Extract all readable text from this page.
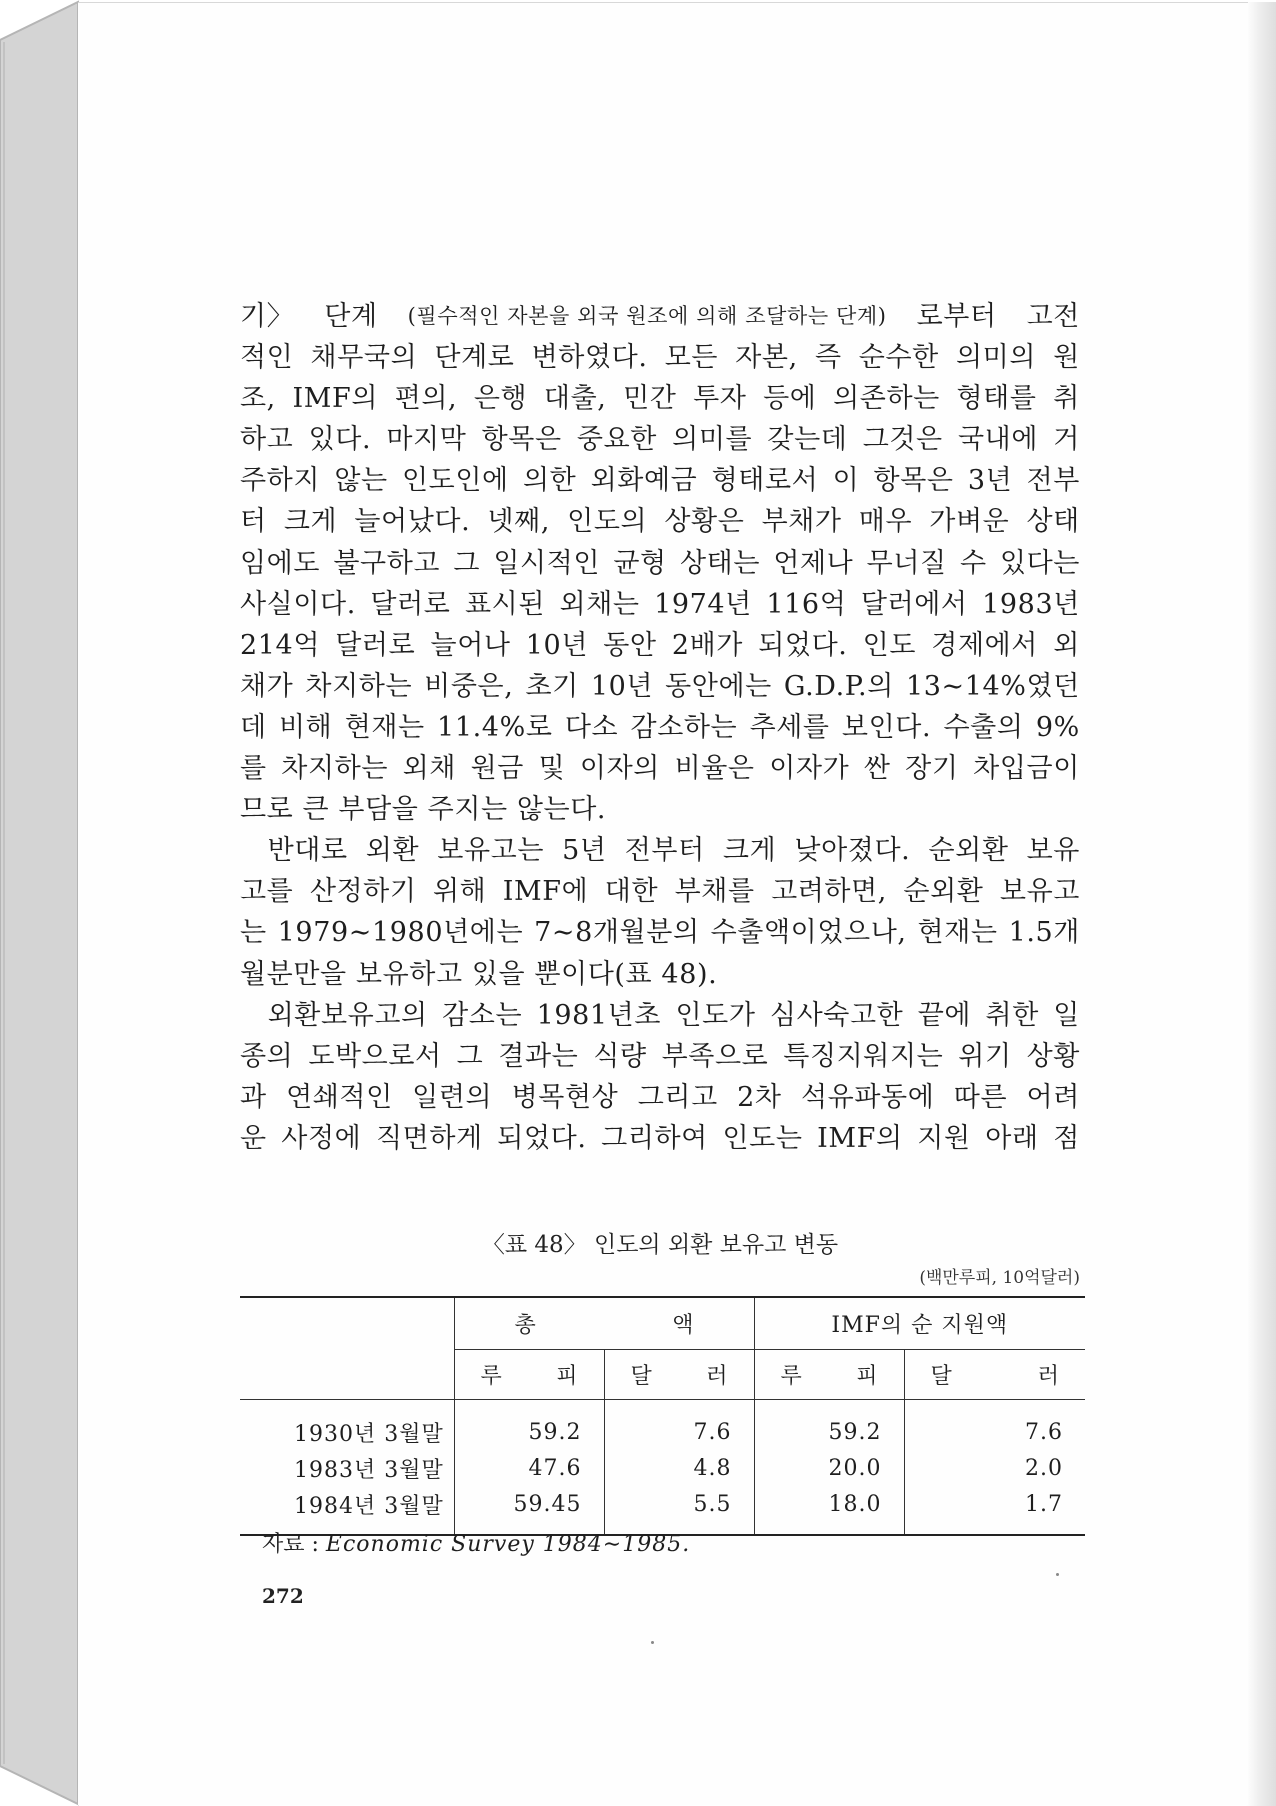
기〉 단계 (필수적인 자본을 외국 원조에 의해 조달하는 단계) 로부터 고전
적인 채무국의 단계로 변하였다. 모든 자본, 즉 순수한 의미의 원
조, IMF의 편의, 은행 대출, 민간 투자 등에 의존하는 형태를 취
하고 있다. 마지막 항목은 중요한 의미를 갖는데 그것은 국내에 거
주하지 않는 인도인에 의한 외화예금 형태로서 이 항목은 3년 전부
터 크게 늘어났다. 넷째, 인도의 상황은 부채가 매우 가벼운 상태
임에도 불구하고 그 일시적인 균형 상태는 언제나 무너질 수 있다는
사실이다. 달러로 표시된 외채는 1974년 116억 달러에서 1983년
214억 달러로 늘어나 10년 동안 2배가 되었다. 인도 경제에서 외
채가 차지하는 비중은, 초기 10년 동안에는 G.D.P.의 13∼14%였던
데 비해 현재는 11.4%로 다소 감소하는 추세를 보인다. 수출의 9%
를 차지하는 외채 원금 및 이자의 비율은 이자가 싼 장기 차입금이
므로 큰 부담을 주지는 않는다.
　반대로 외환 보유고는 5년 전부터 크게 낮아졌다. 순외환 보유
고를 산정하기 위해 IMF에 대한 부채를 고려하면, 순외환 보유고
는 1979∼1980년에는 7∼8개월분의 수출액이었으나, 현재는 1.5개
월분만을 보유하고 있을 뿐이다(표 48).
　외환보유고의 감소는 1981년초 인도가 심사숙고한 끝에 취한 일
종의 도박으로서 그 결과는 식량 부족으로 특징지워지는 위기 상황
과 연쇄적인 일련의 병목현상 그리고 2차 석유파동에 따른 어려
운 사정에 직면하게 되었다. 그리하여 인도는 IMF의 지원 아래 점
〈표 48〉 인도의 외환 보유고 변동
(백만루피, 10억달러)

	총 액		IMF의 순 지원액	

	루 피	달 러	루 피	달 러

1930년 3월말	59.2	7.6	59.2	7.6
1983년 3월말	47.6	4.8	20.0	2.0
1984년 3월말	59.45	5.5	18.0	1.7
자료 : Economic Survey 1984∼1985.
272
